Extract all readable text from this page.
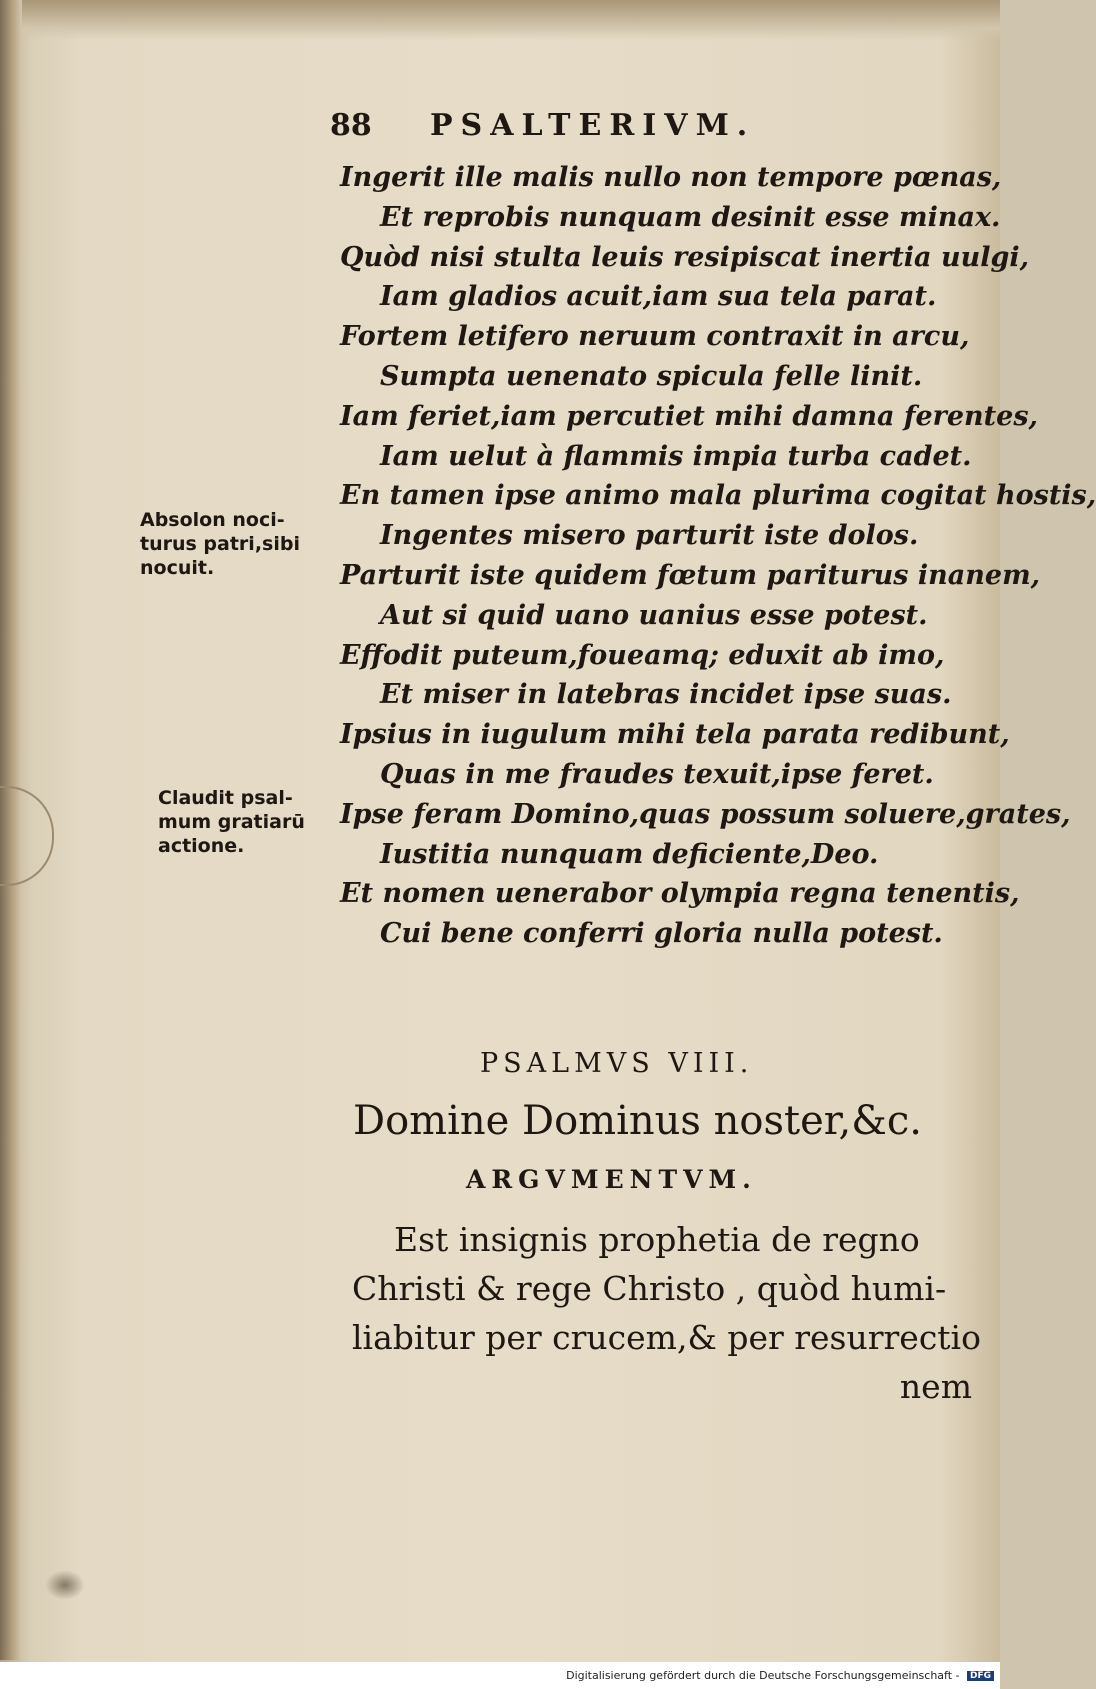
88 PSALTERIVM.
Ingerit ille malis nullo non tempore pœnas,
Et reprobis nunquam desinit esse minax.
Quòd nisi stulta leuis resipiscat inertia uulgi,
Iam gladios acuit,iam sua tela parat.
Fortem letifero neruum contraxit in arcu,
Sumpta uenenato spicula felle linit.
Iam feriet,iam percutiet mihi damna ferentes,
Iam uelut à flammis impia turba cadet.
En tamen ipse animo mala plurima cogitat hostis,
Ingentes misero parturit iste dolos.
Parturit iste quidem fœtum pariturus inanem,
Aut si quid uano uanius esse potest.
Effodit puteum,foueamq; eduxit ab imo,
Et miser in latebras incidet ipse suas.
Ipsius in iugulum mihi tela parata redibunt,
Quas in me fraudes texuit,ipse feret.
Ipse feram Domino,quas possum soluere,grates,
Iustitia nunquam deficiente,Deo.
Et nomen uenerabor olympia regna tenentis,
Cui bene conferri gloria nulla potest.
Absolon noci-
turus patri,sibi
nocuit.
Claudit psal-
mum gratiarū
actione.
PSALMVS VIII.
Domine Dominus noster,&c.
ARGVMENTVM.
Est insignis prophetia de regno
Christi & rege Christo , quòd humi-
liabitur per crucem,& per resurrectio
nem
Digitalisierung gefördert durch die Deutsche Forschungsgemeinschaft - DFG
